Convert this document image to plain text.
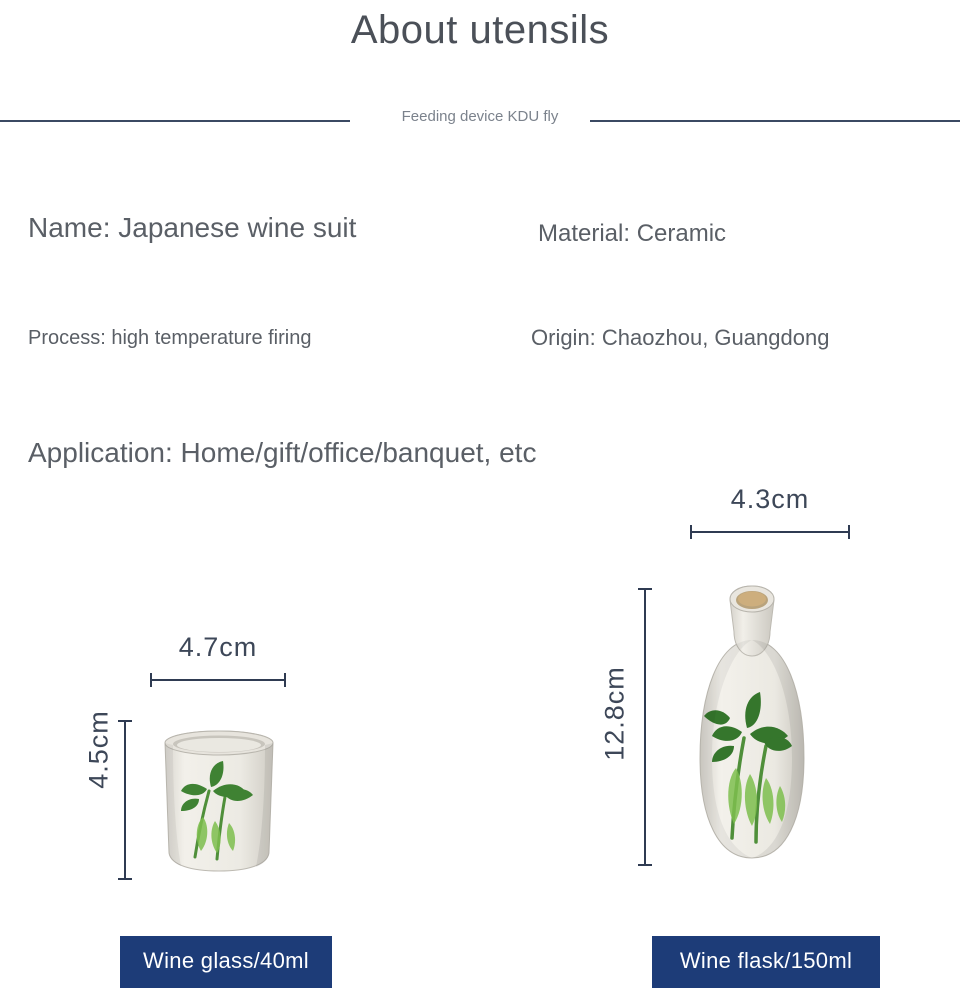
About utensils
Feeding device KDU fly
Name: Japanese wine suit	Material: Ceramic
Process: high temperature firing	Origin: Chaozhou, Guangdong
Application: Home/gift/office/banquet, etc
4.7cm
4.5cm
Wine glass/40ml
4.3cm
12.8cm
Wine flask/150ml
